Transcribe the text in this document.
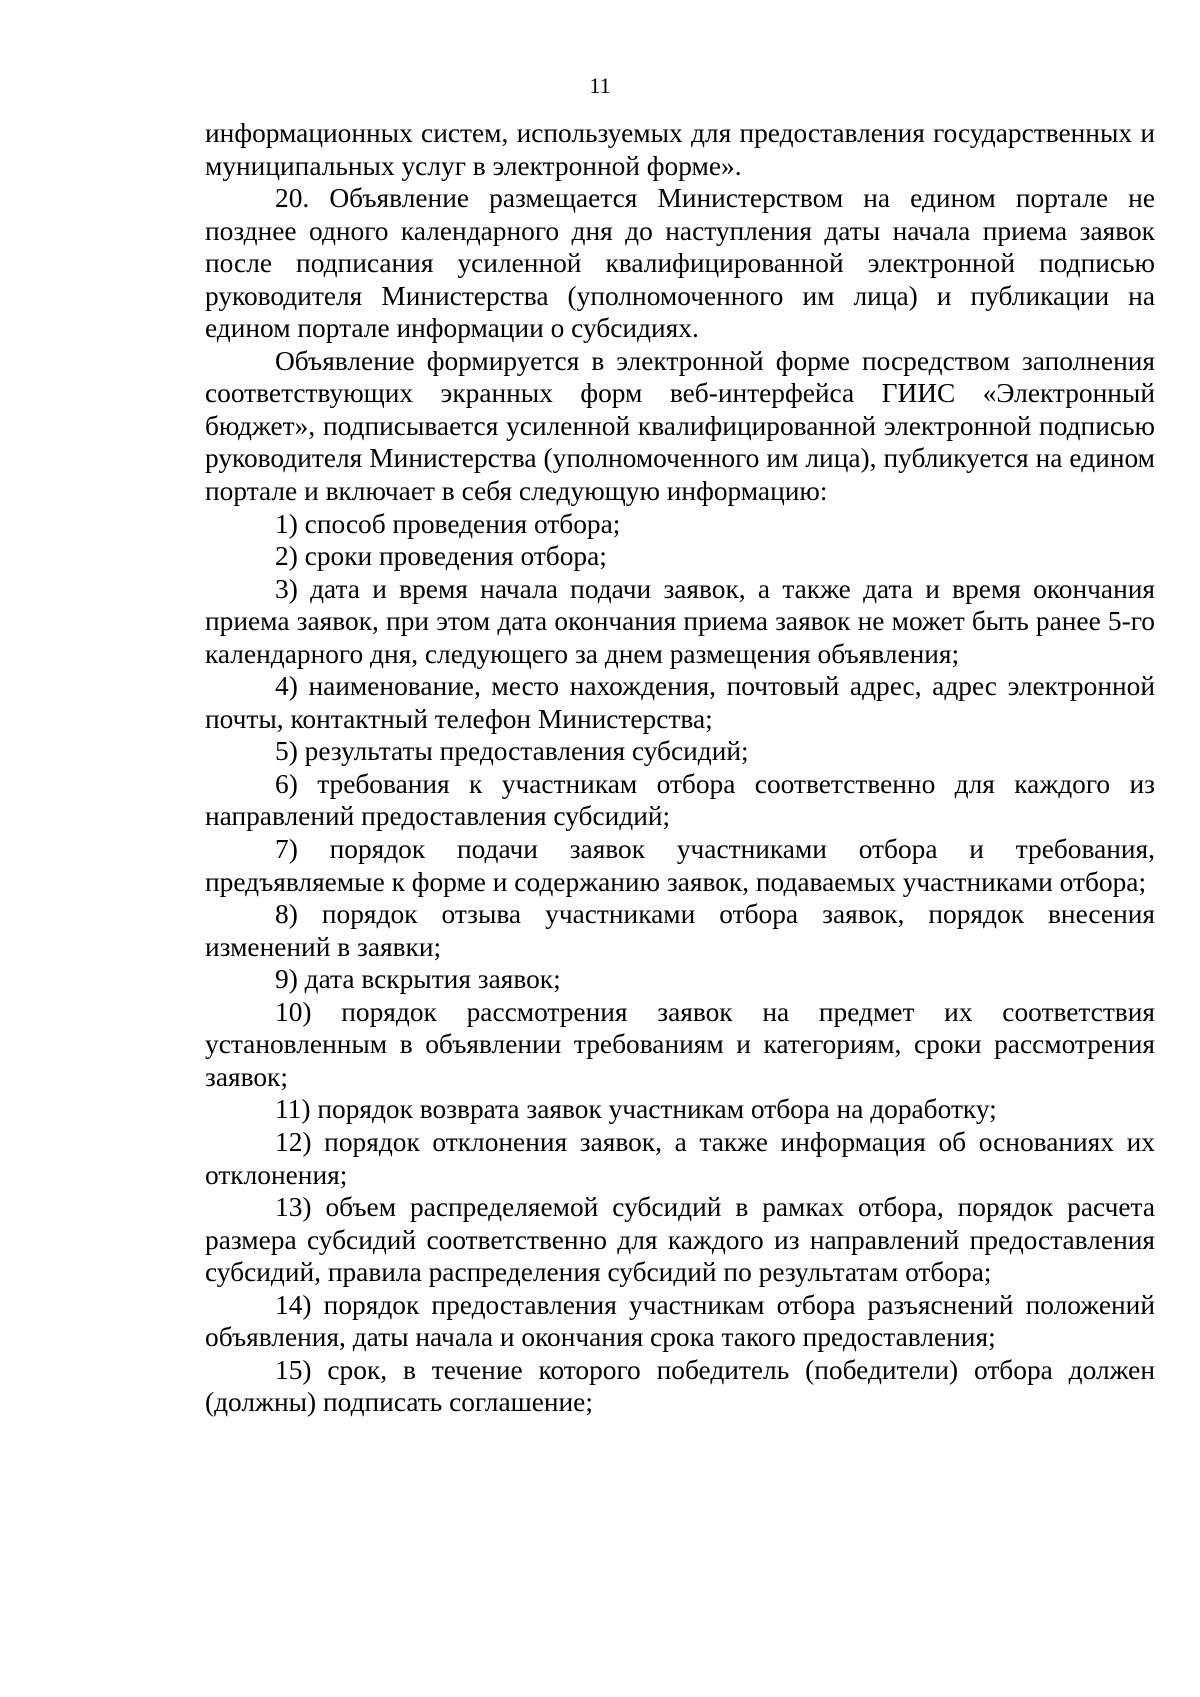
11

информационных систем, используемых для предоставления государственных и муниципальных услуг в электронной форме».

20. Объявление размещается Министерством на едином портале не позднее одного календарного дня до наступления даты начала приема заявок после подписания усиленной квалифицированной электронной подписью руководителя Министерства (уполномоченного им лица) и публикации на едином портале информации о субсидиях.

Объявление формируется в электронной форме посредством заполнения соответствующих экранных форм веб-интерфейса ГИИС «Электронный бюджет», подписывается усиленной квалифицированной электронной подписью руководителя Министерства (уполномоченного им лица), публикуется на едином портале и включает в себя следующую информацию:

1) способ проведения отбора;

2) сроки проведения отбора;

3) дата и время начала подачи заявок, а также дата и время окончания приема заявок, при этом дата окончания приема заявок не может быть ранее 5-го календарного дня, следующего за днем размещения объявления;

4) наименование, место нахождения, почтовый адрес, адрес электронной почты, контактный телефон Министерства;

5) результаты предоставления субсидий;

6) требования к участникам отбора соответственно для каждого из направлений предоставления субсидий;

7) порядок подачи заявок участниками отбора и требования, предъявляемые к форме и содержанию заявок, подаваемых участниками отбора;

8) порядок отзыва участниками отбора заявок, порядок внесения изменений в заявки;

9) дата вскрытия заявок;

10) порядок рассмотрения заявок на предмет их соответствия установленным в объявлении требованиям и категориям, сроки рассмотрения заявок;

11) порядок возврата заявок участникам отбора на доработку;

12) порядок отклонения заявок, а также информация об основаниях их отклонения;

13) объем распределяемой субсидий в рамках отбора, порядок расчета размера субсидий соответственно для каждого из направлений предоставления субсидий, правила распределения субсидий по результатам отбора;

14) порядок предоставления участникам отбора разъяснений положений объявления, даты начала и окончания срока такого предоставления;

15) срок, в течение которого победитель (победители) отбора должен (должны) подписать соглашение;
